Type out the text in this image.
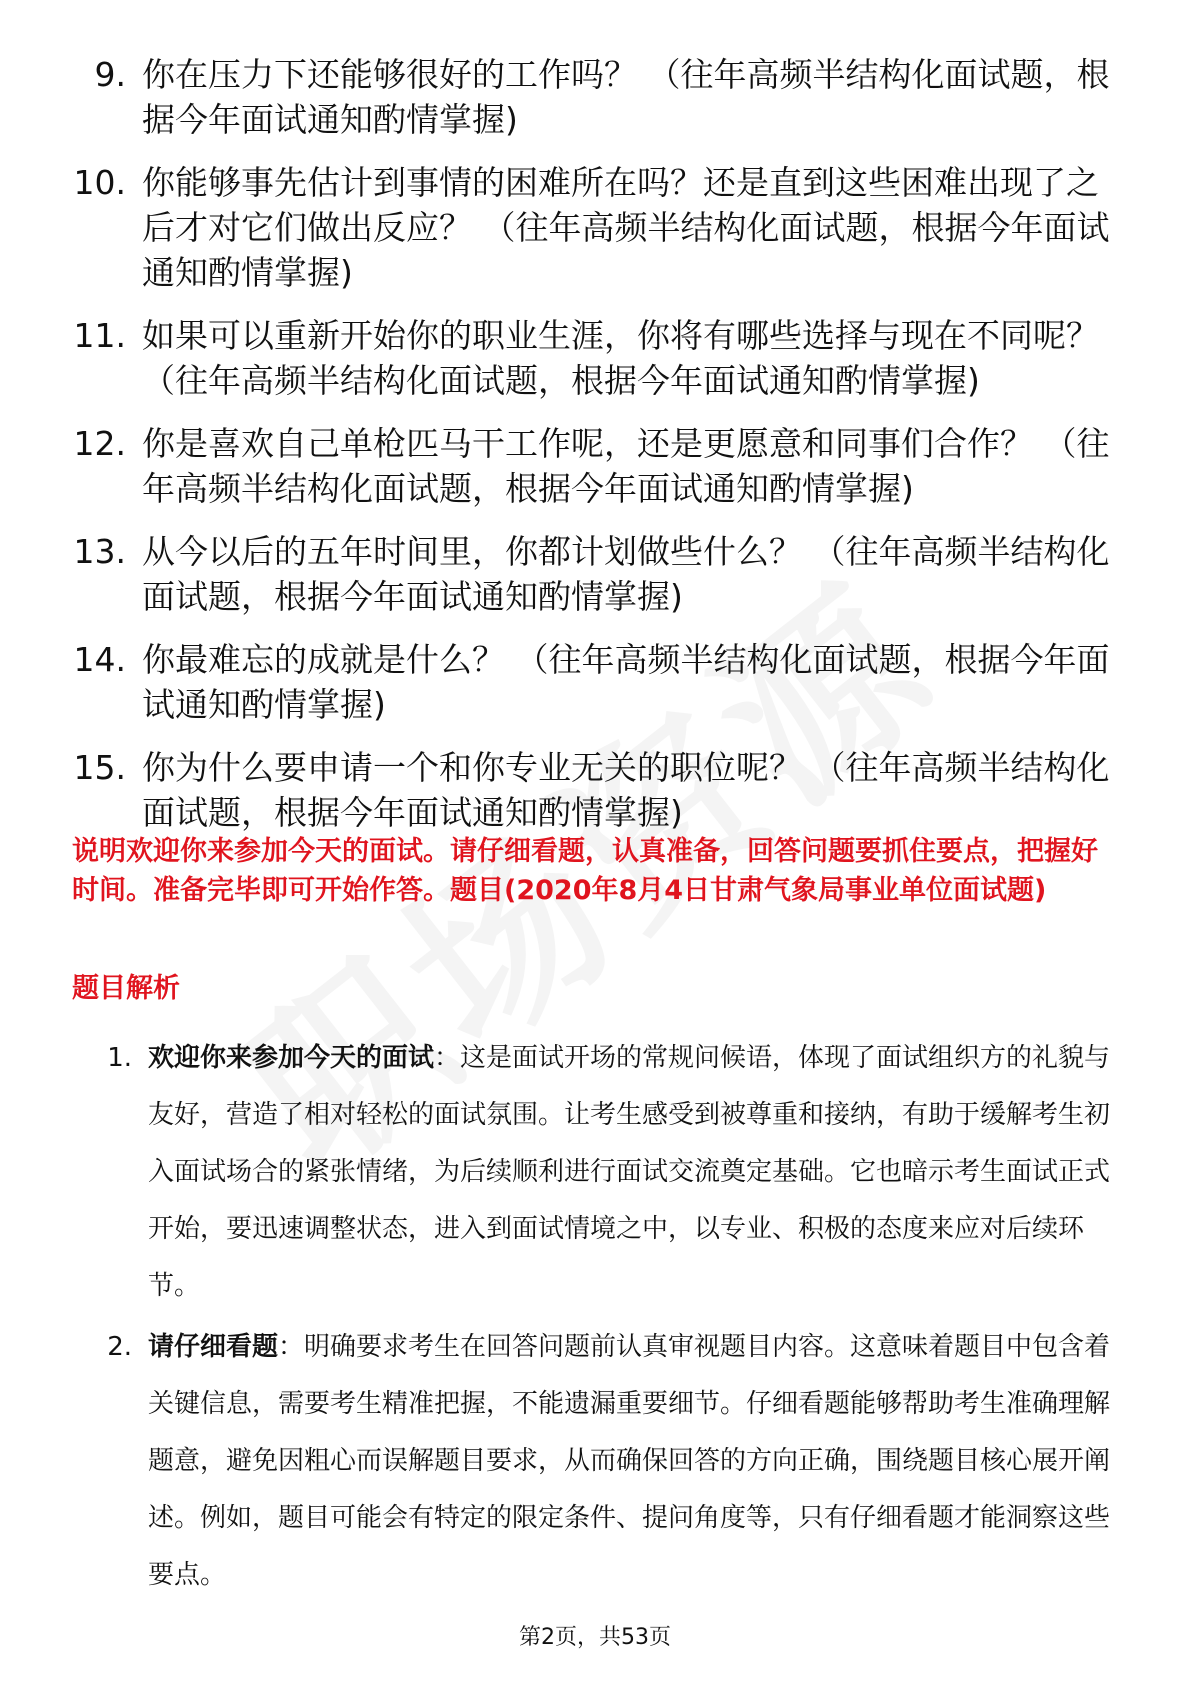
9. 你在压力下还能够很好的工作吗？ （往年高频半结构化面试题，根据今年面试通知酌情掌握)
10. 你能够事先估计到事情的困难所在吗？还是直到这些困难出现了之后才对它们做出反应？ （往年高频半结构化面试题，根据今年面试通知酌情掌握)
11. 如果可以重新开始你的职业生涯，你将有哪些选择与现在不同呢？ （往年高频半结构化面试题，根据今年面试通知酌情掌握)
12. 你是喜欢自己单枪匹马干工作呢，还是更愿意和同事们合作？ （往年高频半结构化面试题，根据今年面试通知酌情掌握)
13. 从今以后的五年时间里，你都计划做些什么？ （往年高频半结构化面试题，根据今年面试通知酌情掌握)
14. 你最难忘的成就是什么？ （往年高频半结构化面试题，根据今年面试通知酌情掌握)
15. 你为什么要申请一个和你专业无关的职位呢？ （往年高频半结构化面试题，根据今年面试通知酌情掌握)
说明欢迎你来参加今天的面试。请仔细看题，认真准备，回答问题要抓住要点，把握好时间。准备完毕即可开始作答。题目(2020年8月4日甘肃气象局事业单位面试题)
题目解析
1. 欢迎你来参加今天的面试：这是面试开场的常规问候语，体现了面试组织方的礼貌与友好，营造了相对轻松的面试氛围。让考生感受到被尊重和接纳，有助于缓解考生初入面试场合的紧张情绪，为后续顺利进行面试交流奠定基础。它也暗示考生面试正式开始，要迅速调整状态，进入到面试情境之中，以专业、积极的态度来应对后续环节。
2. 请仔细看题：明确要求考生在回答问题前认真审视题目内容。这意味着题目中包含着关键信息，需要考生精准把握，不能遗漏重要细节。仔细看题能够帮助考生准确理解题意，避免因粗心而误解题目要求，从而确保回答的方向正确，围绕题目核心展开阐述。例如，题目可能会有特定的限定条件、提问角度等，只有仔细看题才能洞察这些要点。
第2页，共53页
